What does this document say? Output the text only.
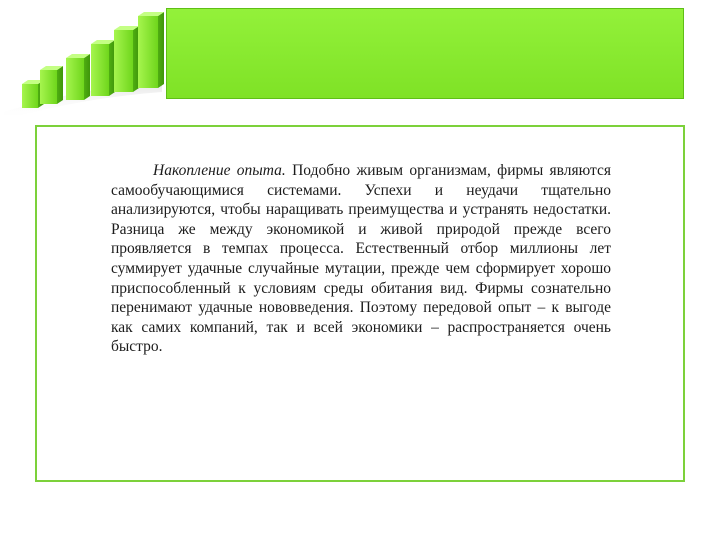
Накопление опыта. Подобно живым организмам, фирмы являются самообучающимися системами. Успехи и неудачи тщательно анализируются, чтобы наращивать преимущества и устранять недостатки. Разница же между экономикой и живой природой прежде всего проявляется в темпах процесса. Естественный отбор миллионы лет суммирует удачные случайные мутации, прежде чем сформирует хорошо приспособленный к условиям среды обитания вид. Фирмы сознательно перенимают удачные нововведения. Поэтому передовой опыт – к выгоде как самих компаний, так и всей экономики – распространяется очень быстро.
